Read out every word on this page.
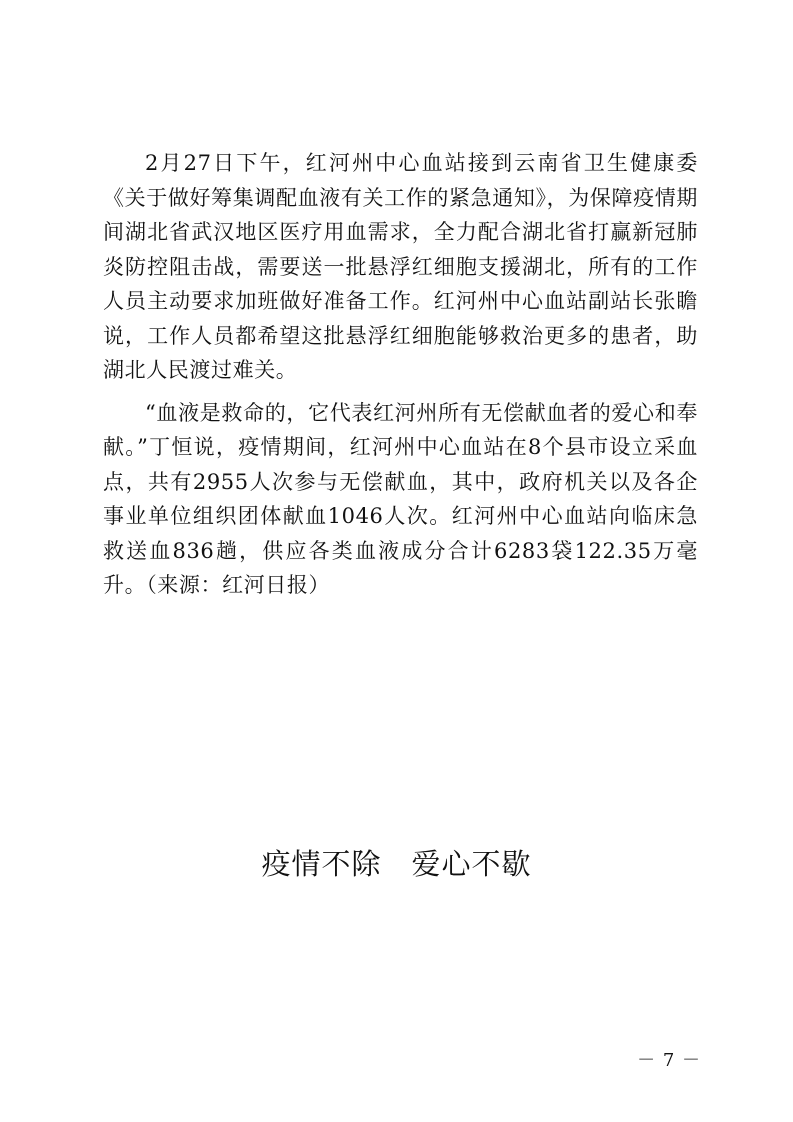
2月27日下午，红河州中心血站接到云南省卫生健康委《关于做好筹集调配血液有关工作的紧急通知》，为保障疫情期间湖北省武汉地区医疗用血需求，全力配合湖北省打赢新冠肺炎防控阻击战，需要送一批悬浮红细胞支援湖北，所有的工作人员主动要求加班做好准备工作。红河州中心血站副站长张瞻说，工作人员都希望这批悬浮红细胞能够救治更多的患者，助湖北人民渡过难关。

“血液是救命的，它代表红河州所有无偿献血者的爱心和奉献。”丁恒说，疫情期间，红河州中心血站在8个县市设立采血点，共有2955人次参与无偿献血，其中，政府机关以及各企事业单位组织团体献血1046人次。红河州中心血站向临床急救送血836趟，供应各类血液成分合计6283袋122.35万毫升。（来源：红河日报）

疫情不除　爱心不歇
－ 7 －
